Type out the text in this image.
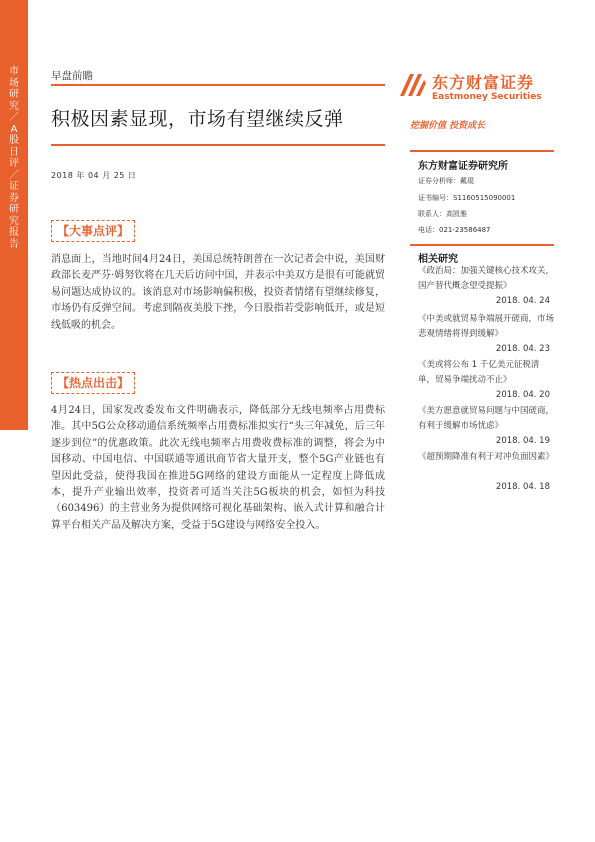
市场研究／A股日评／证券研究报告
早盘前瞻
积极因素显现，市场有望继续反弹
2018 年 04 月 25 日
东方财富证券
Eastmoney Securities
挖掘价值 投资成长
东方财富证券研究所
证券分析师：戴琨
证书编号：S1160515090001
联系人：高凯雅
电话：021-23586487
相关研究
《政治局：加强关键核心技术攻关，国产替代概念望受提振》
2018. 04. 24
《中美或就贸易争端展开磋商，市场悲观情绪将得到缓解》
2018. 04. 23
《美或将公布 1 千亿美元征税清单，贸易争端扰动不止》
2018. 04. 20
《美方愿意就贸易问题与中国磋商，有利于缓解市场忧虑》
2018. 04. 19
《超预期降准有利于对冲负面因素》
2018. 04. 18
【大事点评】
消息面上，当地时间4月24日，美国总统特朗普在一次记者会中说，美国财政部长麦严芬·姆努钦将在几天后访问中国，并表示中美双方是很有可能就贸易问题达成协议的。该消息对市场影响偏积极，投资者情绪有望继续修复，市场仍有反弹空间。考虑到隔夜美股下挫，今日股指若受影响低开，或是短线低吸的机会。
【热点出击】
4月24日，国家发改委发布文件明确表示，降低部分无线电频率占用费标准。其中5G公众移动通信系统频率占用费标准拟实行“头三年减免，后三年逐步到位”的优惠政策。此次无线电频率占用费收费标准的调整，将会为中国移动、中国电信、中国联通等通讯商节省大量开支，整个5G产业链也有望因此受益，使得我国在推进5G网络的建设方面能从一定程度上降低成本，提升产业输出效率，投资者可适当关注5G板块的机会，如恒为科技（603496）的主营业务为提供网络可视化基础架构、嵌入式计算和融合计算平台相关产品及解决方案，受益于5G建设与网络安全投入。
